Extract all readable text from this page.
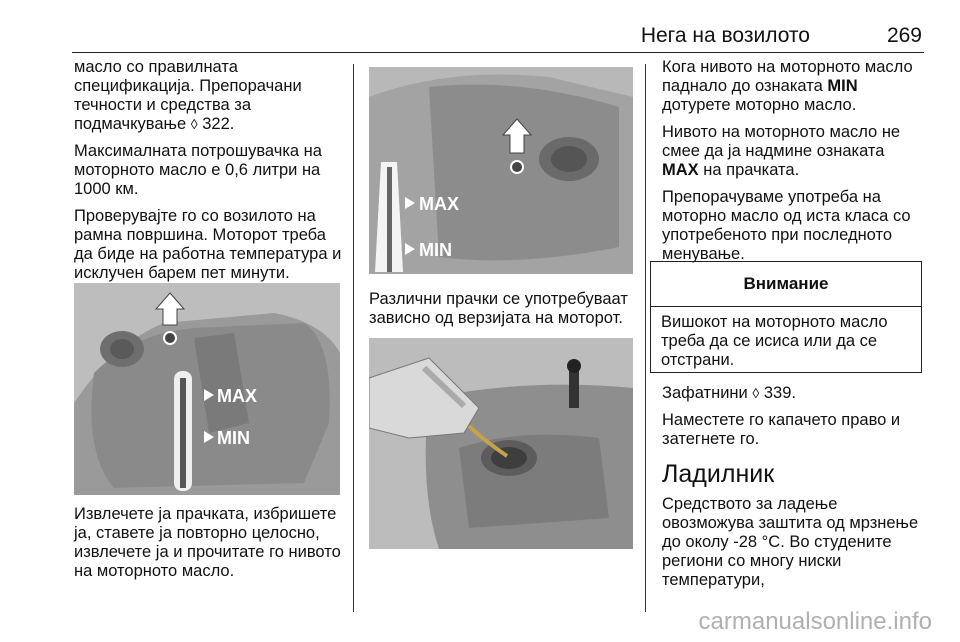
Нега на возилото	269

масло со правилната спецификација. Препорачани течности и средства за подмачкување ◊ 322.

Максималната потрошувачка на моторното масло е 0,6 литри на 1000 км.

Проверувајте го со возилото на рамна површина. Моторот треба да биде на работна температура и исклучен барем пет минути.

MAX
MIN

Извлечете ја прачката, избришете ја, ставете ја повторно целосно, извлечете ја и прочитате го нивото на моторното масло.

MAX
MIN

Различни прачки се употребуваат зависно од верзијата на моторот.

Кога нивото на моторното масло паднало до ознаката MIN дотурете моторно масло.

Нивото на моторното масло не смее да ја надмине ознаката MAX на прачката.

Препорачуваме употреба на моторно масло од иста класа со употребеното при последното менување.

Внимание
Вишокот на моторното масло треба да се исиса или да се отстрани.

Зафатнини ◊ 339.

Наместете го капачето право и затегнете го.

Ладилник

Средството за ладење овозможува заштита од мрзнење до околу -28 °C. Во студените региони со многу ниски температури,

carmanualsonline.info
